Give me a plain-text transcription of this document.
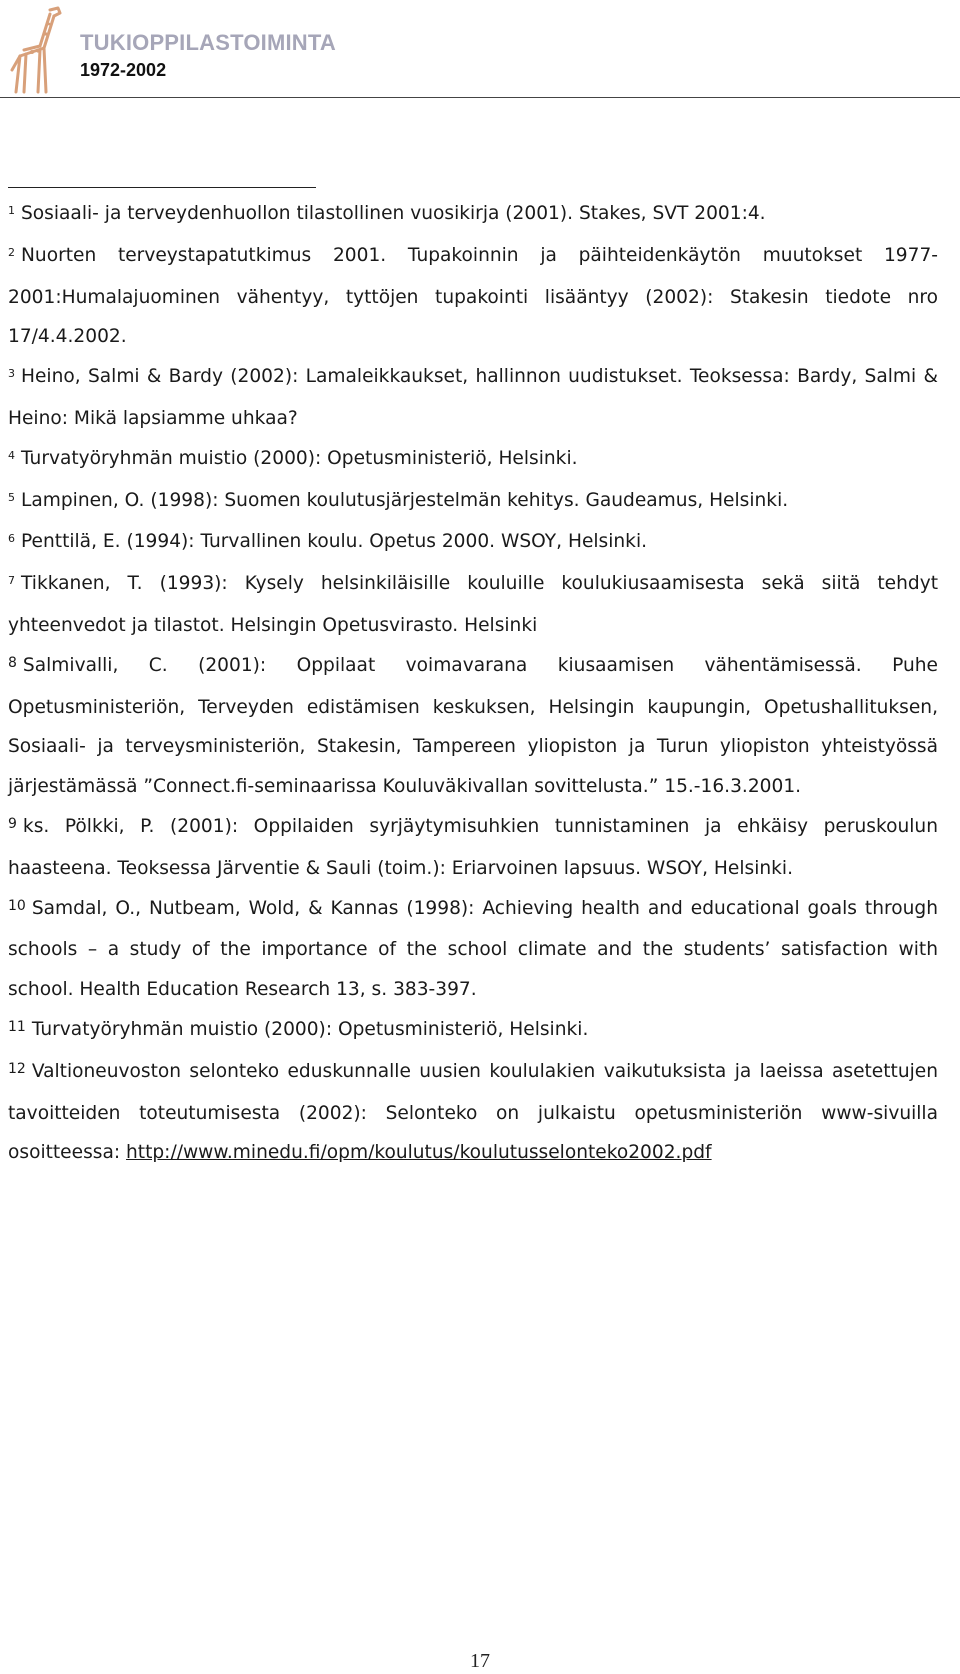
TUKIOPPILASTOIMINTA
1972-2002

$^1$ Sosiaali- ja terveydenhuollon tilastollinen vuosikirja (2001). Stakes, SVT 2001:4.

$^2$ Nuorten terveystapatutkimus 2001. Tupakoinnin ja päihteidenkäytön muutokset 1977-2001:Humalajuominen vähentyy, tyttöjen tupakointi lisääntyy (2002): Stakesin tiedote nro 17/4.4.2002.

$^3$ Heino, Salmi & Bardy (2002): Lamaleikkaukset, hallinnon uudistukset. Teoksessa: Bardy, Salmi & Heino: Mikä lapsiamme uhkaa?

$^4$ Turvatyöryhmän muistio (2000): Opetusministeriö, Helsinki.

$^5$ Lampinen, O. (1998): Suomen koulutusjärjestelmän kehitys. Gaudeamus, Helsinki.

$^6$ Penttilä, E. (1994): Turvallinen koulu. Opetus 2000. WSOY, Helsinki.

$^7$ Tikkanen, T. (1993): Kysely helsinkiläisille kouluille koulukiusaamisesta sekä siitä tehdyt yhteenvedot ja tilastot. Helsingin Opetusvirasto. Helsinki

$^8$ Salmivalli, C. (2001): Oppilaat voimavarana kiusaamisen vähentämisessä. Puhe Opetusministeriön, Terveyden edistämisen keskuksen, Helsingin kaupungin, Opetushallituksen, Sosiaali- ja terveysministeriön, Stakesin, Tampereen yliopiston ja Turun yliopiston yhteistyössä järjestämässä ”Connect.fi-seminaarissa Kouluväkivallan sovittelusta.” 15.-16.3.2001.

$^9$ ks. Pölkki, P. (2001): Oppilaiden syrjäytymisuhkien tunnistaminen ja ehkäisy peruskoulun haasteena. Teoksessa Järventie & Sauli (toim.): Eriarvoinen lapsuus. WSOY, Helsinki.

$^{10}$ Samdal, O., Nutbeam, Wold, & Kannas (1998): Achieving health and educational goals through schools – a study of the importance of the school climate and the students’ satisfaction with school. Health Education Research 13, s. 383-397.

$^{11}$ Turvatyöryhmän muistio (2000): Opetusministeriö, Helsinki.

$^{12}$ Valtioneuvoston selonteko eduskunnalle uusien koululakien vaikutuksista ja laeissa asetettujen tavoitteiden toteutumisesta (2002): Selonteko on julkaistu opetusministeriön www-sivuilla osoitteessa: http://www.minedu.fi/opm/koulutus/koulutusselonteko2002.pdf

17
